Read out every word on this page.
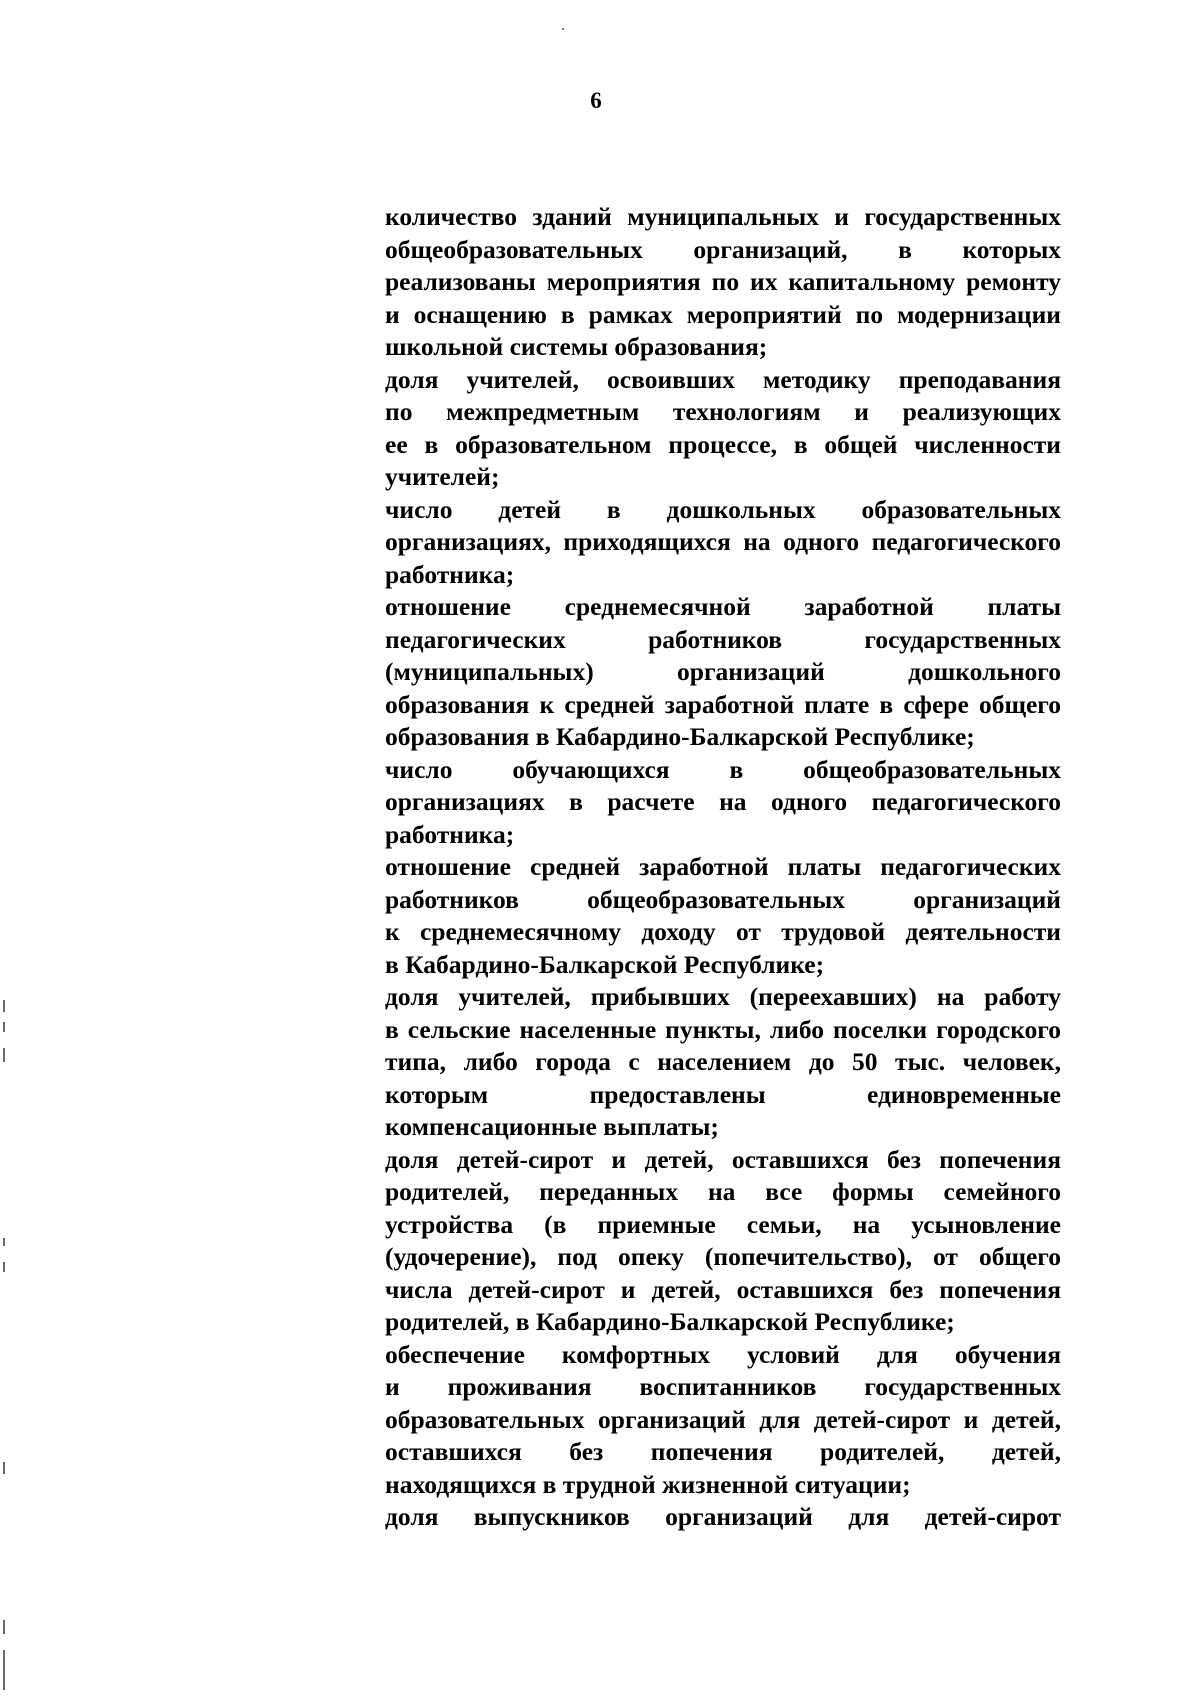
6
количество зданий муниципальных и государственных
общеобразовательных организаций, в которых
реализованы мероприятия по их капитальному ремонту
и оснащению в рамках мероприятий по модернизации
школьной системы образования;
доля учителей, освоивших методику преподавания
по межпредметным технологиям и реализующих
ее в образовательном процессе, в общей численности
учителей;
число детей в дошкольных образовательных
организациях, приходящихся на одного педагогического
работника;
отношение среднемесячной заработной платы
педагогических работников государственных
(муниципальных) организаций дошкольного
образования к средней заработной плате в сфере общего
образования в Кабардино-Балкарской Республике;
число обучающихся в общеобразовательных
организациях в расчете на одного педагогического
работника;
отношение средней заработной платы педагогических
работников общеобразовательных организаций
к среднемесячному доходу от трудовой деятельности
в Кабардино-Балкарской Республике;
доля учителей, прибывших (переехавших) на работу
в сельские населенные пункты, либо поселки городского
типа, либо города с населением до 50 тыс. человек,
которым предоставлены единовременные
компенсационные выплаты;
доля детей-сирот и детей, оставшихся без попечения
родителей, переданных на все формы семейного
устройства (в приемные семьи, на усыновление
(удочерение), под опеку (попечительство), от общего
числа детей-сирот и детей, оставшихся без попечения
родителей, в Кабардино-Балкарской Республике;
обеспечение комфортных условий для обучения
и проживания воспитанников государственных
образовательных организаций для детей-сирот и детей,
оставшихся без попечения родителей, детей,
находящихся в трудной жизненной ситуации;
доля выпускников организаций для детей-сирот
